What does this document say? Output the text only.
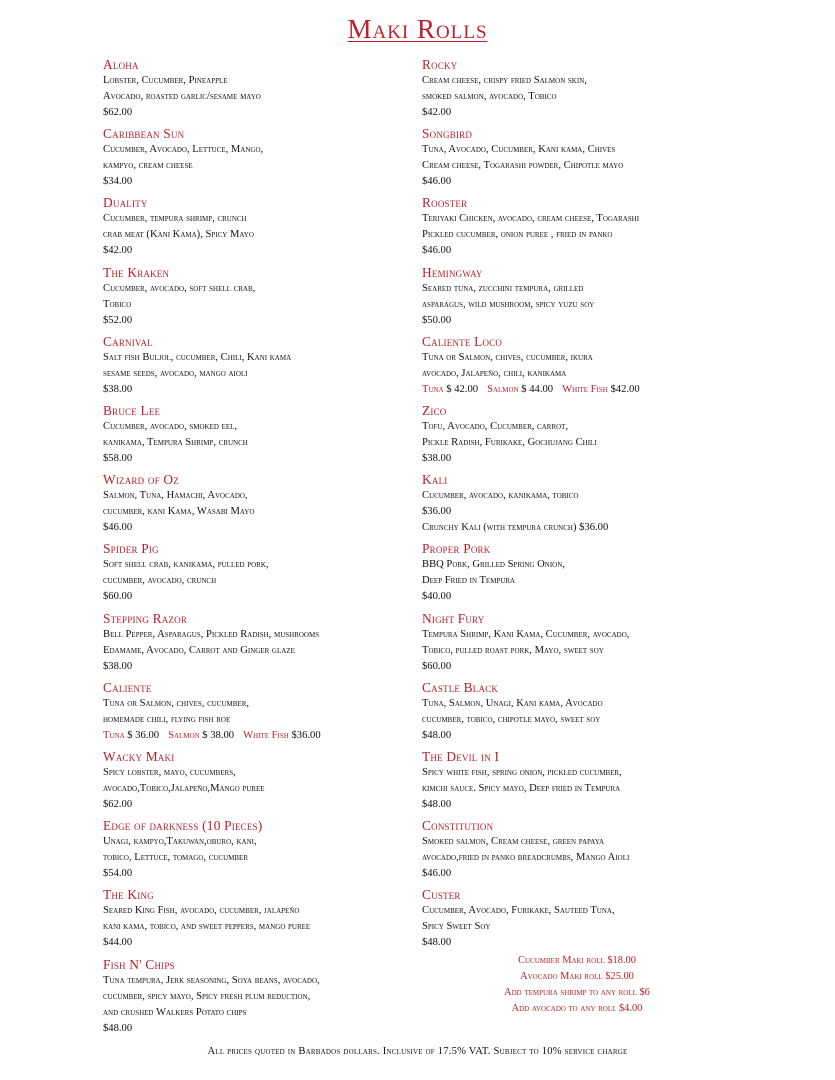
Maki Rolls
Aloha
Lobster, Cucumber, Pineapple
Avocado, roasted garlic/sesame mayo
$62.00
Caribbean Sun
Cucumber, Avocado, Lettuce, Mango,
kampyo, cream cheese
$34.00
Duality
Cucumber, tempura shrimp, crunch
crab meat (Kani Kama), Spicy Mayo
$42.00
The Kraken
Cucumber, avocado, soft shell crab,
Tobico
$52.00
Carnival
Salt fish Buljol, cucumber, Chili, Kani kama
sesame seeds, avocado, mango aioli
$38.00
Bruce Lee
Cucumber, avocado, smoked eel,
kanikama, Tempura Shrimp, crunch
$58.00
Wizard of Oz
Salmon, Tuna, Hamachi, Avocado,
cucumber, kani Kama, Wasabi Mayo
$46.00
Spider Pig
Soft shell crab, kanikama, pulled pork,
cucumber, avocado, crunch
$60.00
Stepping Razor
Bell Pepper, Asparagus, Pickled Radish, mushrooms
Edamame, Avocado, Carrot and Ginger glaze
$38.00
Caliente
Tuna or Salmon, chives, cucumber,
homemade chili, flying fish roe
Tuna $ 36.00 Salmon $ 38.00 White Fish $36.00
Wacky Maki
Spicy lobster, mayo, cucumbers,
avocado,Tobico,Jalapeño,Mango puree
$62.00
Edge of darkness (10 Pieces)
Unagi, kampyo,Takuwan,oburo, kani,
tobico, Lettuce, tomago, cucumber
$54.00
The King
Seared King Fish, avocado, cucumber, jalapeño
kani kama, tobico, and sweet peppers, mango puree
$44.00
Fish N' Chips
Tuna tempura, Jerk seasoning, Soya beans, avocado,
cucumber, spicy mayo, Spicy fresh plum reduction,
and crushed Walkers Potato chips
$48.00
Rocky
Cream cheese, crispy fried Salmon skin,
smoked salmon, avocado, Tobico
$42.00
Songbird
Tuna, Avocado, Cucumber, Kani kama, Chives
Cream cheese, Togarashi powder, Chipotle mayo
$46.00
Rooster
Teriyaki Chicken, avocado, cream cheese, Togarashi
Pickled cucumber, onion puree , fried in panko
$46.00
Hemingway
Seared tuna, zucchini tempura, grilled
asparagus, wild mushroom, spicy yuzu soy
$50.00
Caliente Loco
Tuna or Salmon, chives, cucumber, ikura
avocado, Jalapeño, chili, kanikama
Tuna $ 42.00 Salmon $ 44.00 White Fish $42.00
Zico
Tofu, Avocado, Cucumber, carrot,
Pickle Radish, Furikake, Gochujang Chili
$38.00
Kali
Cucumber, avocado, kanikama, tobico
$36.00
Crunchy Kali (with tempura crunch) $36.00
Proper Pork
BBQ Pork, Grilled Spring Onion,
Deep Fried in Tempura
$40.00
Night Fury
Tempura Shrimp, Kani Kama, Cucumber, avocado,
Tobico, pulled roast pork, Mayo, sweet soy
$60.00
Castle Black
Tuna, Salmon, Unagi, Kani kama, Avocado
cucumber, tobico, chipotle mayo, sweet soy
$48.00
The Devil in I
Spicy white fish, spring onion, pickled cucumber,
kimchi sauce. Spicy mayo, Deep fried in Tempura
$48.00
Constitution
Smoked salmon, Cream cheese, green papaya
avocado,fried in panko breadcrumbs, Mango Aioli
$46.00
Custer
Cucumber, Avocado, Furikake, Sauteed Tuna,
Spicy Sweet Soy
$48.00
Cucumber Maki roll $18.00
Avocado Maki roll $25.00
Add tempura shrimp to any roll $6
Add avocado to any roll $4.00
All prices quoted in Barbados dollars. Inclusive of 17.5% VAT. Subject to 10% service charge
